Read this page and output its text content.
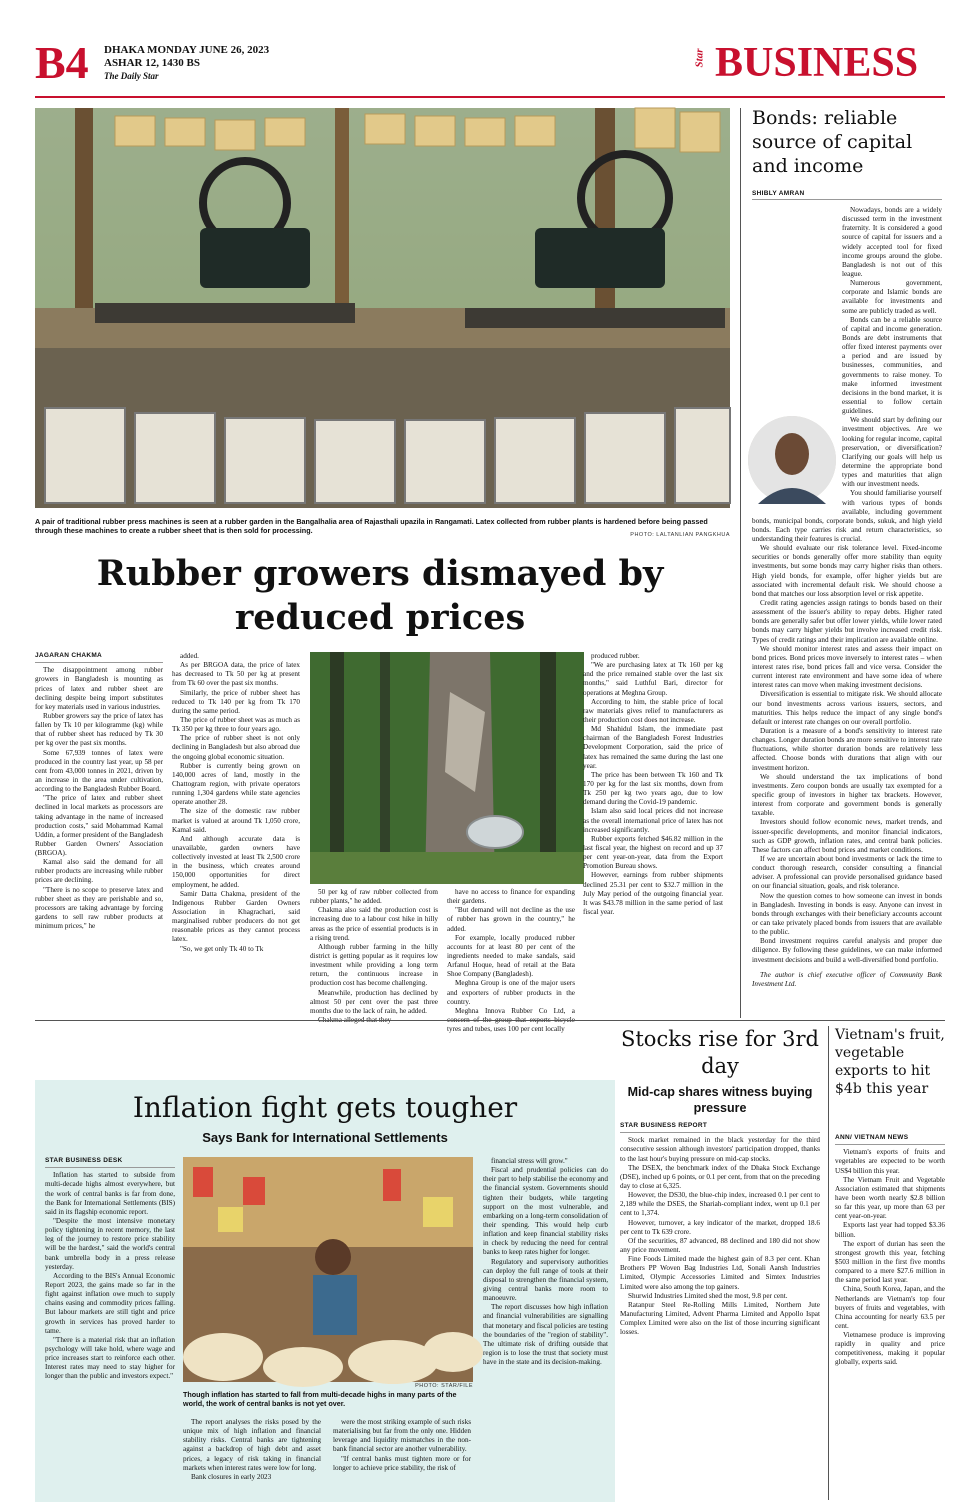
B4 DHAKA MONDAY JUNE 26, 2023
ASHAR 12, 1430 BS
The Daily Star
Star BUSINESS
A pair of traditional rubber press machines is seen at a rubber garden in the Bangalhalia area of Rajasthali upazila in Rangamati. Latex collected from rubber plants is hardened before being passed through these machines to create a rubber sheet that is then sold for processing.	PHOTO: LALTANLIAN PANGKHUA
Rubber growers dismayed by reduced prices
JAGARAN CHAKMA

The disappointment among rubber growers in Bangladesh is mounting as prices of latex and rubber sheet are declining despite being import substitutes for key materials used in various industries.

Rubber growers say the price of latex has fallen by Tk 10 per kilogramme (kg) while that of rubber sheet has reduced by Tk 30 per kg over the past six months.

Some 67,939 tonnes of latex were produced in the country last year, up 58 per cent from 43,000 tonnes in 2021, driven by an increase in the area under cultivation, according to the Bangladesh Rubber Board.

"The price of latex and rubber sheet declined in local markets as processors are taking advantage in the name of increased production costs," said Mohammad Kamal Uddin, a former president of the Bangladesh Rubber Garden Owners' Association (BRGOA).

Kamal also said the demand for all rubber products are increasing while rubber prices are declining.

"There is no scope to preserve latex and rubber sheet as they are perishable and so, processors are taking advantage by forcing gardens to sell raw rubber products at minimum prices," he

added.

As per BRGOA data, the price of latex has decreased to Tk 50 per kg at present from Tk 60 over the past six months.

Similarly, the price of rubber sheet has reduced to Tk 140 per kg from Tk 170 during the same period.

The price of rubber sheet was as much as Tk 350 per kg three to four years ago.

The price of rubber sheet is not only declining in Bangladesh but also abroad due the ongoing global economic situation.

Rubber is currently being grown on 140,000 acres of land, mostly in the Chattogram region, with private operators running 1,304 gardens while state agencies operate another 28.

The size of the domestic raw rubber market is valued at around Tk 1,050 crore, Kamal said.

And although accurate data is unavailable, garden owners have collectively invested at least Tk 2,500 crore in the business, which creates around 150,000 opportunities for direct employment, he added.

Samir Datta Chakma, president of the Indigenous Rubber Garden Owners Association in Khagrachari, said marginalised rubber producers do not get reasonable prices as they cannot process latex.

"So, we get only Tk 40 to Tk

50 per kg of raw rubber collected from rubber plants," he added.

Chakma also said the production cost is increasing due to a labour cost hike in hilly areas as the price of essential products is in a rising trend.

Although rubber farming in the hilly district is getting popular as it requires low investment while providing a long term return, the continuous increase in production cost has become challenging.

Meanwhile, production has declined by almost 50 per cent over the past three months due to the lack of rain, he added.

have no access to finance for expanding their gardens.

"But demand will not decline as the use of rubber has grown in the country," he added.

For example, locally produced rubber accounts for at least 80 per cent of the ingredients needed to make sandals, said Arfanul Hoque, head of retail at the Bata Shoe Company (Bangladesh).

Meghna Group is one of the major users and exporters of rubber products in the country.

Meghna Innova Rubber Co Ltd, a tyres and tubes, uses 100 per cent locally

produced rubber.

"We are purchasing latex at Tk 160 per kg and the price remained stable over the last six months," said Luthful Bari, director for operations at Meghna Group.

According to him, the stable price of local raw materials gives relief to manufacturers as their production cost does not increase.

Md Shahidul Islam, the immediate past chairman of the Bangladesh Forest Industries Development Corporation, said the price of latex has remained the same during the last one year.

The price has been between Tk 160 and Tk 170 per kg for the last six months, down from Tk 250 per kg two years ago, due to low demand during the Covid-19 pandemic.

Islam also said local prices did not increase as the overall international price of latex has not increased significantly.

Rubber exports fetched $46.82 million in the last fiscal year, the highest on record and up 37 per cent year-on-year, data from the Export Promotion Bureau shows.

However, earnings from rubber shipments declined 25.31 per cent to $32.7 million in the July May period of the outgoing financial year. It was $43.78 million in the same period of last fiscal year.

Bonds: reliable source of capital and income
SHIBLY AMRAN

Nowadays, bonds are a widely discussed term in the investment fraternity. It is considered a good source of capital for issuers and a widely accepted tool for fixed income groups around the globe. Bangladesh is not out of this league.

Numerous government, corporate and Islamic bonds are available for investments and some are publicly traded as well.

Bonds can be a reliable source of capital and income generation. Bonds are debt instruments that offer fixed interest payments over a period and are issued by businesses, communities, and governments to raise money. To make informed investment decisions in the bond market, it is essential to follow certain guidelines.

We should start by defining our investment objectives. Are we looking for regular income, capital preservation, or diversification? Clarifying our goals will help us determine the appropriate bond types and maturities that align with our investment needs.

You should familiarise yourself with various types of bonds available, including government bonds, municipal bonds, corporate bonds, sukuk, and high yield bonds. Each type carries risk and return characteristics, so understanding their features is crucial.

We should evaluate our risk tolerance level. Fixed-income securities or bonds generally offer more stability than equity investments, but some bonds may carry higher risks than others. High yield bonds, for example, offer higher yields but are associated with incremental default risk. We should choose a bond that matches our loss absorption level or risk appetite.

Credit rating agencies assign ratings to bonds based on their assessment of the issuer's ability to repay debts. Higher rated bonds are generally safer but offer lower yields, while lower rated bonds may carry higher yields but involve increased credit risk. Types of credit ratings and their implication are available online.

We should monitor interest rates and assess their impact on bond prices. Bond prices move inversely to interest rates – when interest rates rise, bond prices fall and vice versa. Consider the current interest rate environment and have some idea of where interest rates can move when making investment decisions.

Diversification is essential to mitigate risk. We should allocate our bond investments across various issuers, sectors, and maturities. This helps reduce the impact of any single bond's default or interest rate changes on our overall portfolio.

Duration is a measure of a bond's sensitivity to interest rate changes. Longer duration bonds are more sensitive to interest rate fluctuations, while shorter duration bonds are relatively less affected. Choose bonds with durations that align with our investment horizon.

We should understand the tax implications of bond investments. Zero coupon bonds are usually tax exempted for a specific group of investors in higher tax brackets. However, interest from corporate and government bonds is generally taxable.

Investors should follow economic news, market trends, and issuer-specific developments, and monitor financial indicators, such as GDP growth, inflation rates, and central bank policies. These factors can affect bond prices and market conditions.

If we are uncertain about bond investments or lack the time to conduct thorough research, consider consulting a financial adviser. A professional can provide personalised guidance based on our financial situation, goals, and risk tolerance.

Now the question comes to how someone can invest in bonds in Bangladesh. Investing in bonds is easy. Anyone can invest in bonds through exchanges with their beneficiary accounts account or can take privately placed bonds from issuers that are available to the public.

Bond investment requires careful analysis and proper due diligence. By following these guidelines, we can make informed investment decisions and build a well-diversified bond portfolio.

The author is chief executive officer of Community Bank Investment Ltd.

Inflation fight gets tougher
Says Bank for International Settlements
STAR BUSINESS DESK

Inflation has started to subside from multi-decade highs almost everywhere, but the work of central banks is far from done, the Bank for International Settlements (BIS) said in its flagship economic report.

"Despite the most intensive monetary policy tightening in recent memory, the last leg of the journey to restore price stability will be the hardest," said the world's central bank umbrella body in a press release yesterday.

According to the BIS's Annual Economic Report 2023, the gains made so far in the fight against inflation owe much to supply chains easing and commodity prices falling. But labour markets are still tight and price growth in services has proved harder to tame.

"There is a material risk that an inflation psychology will take hold, where wage and price increases start to reinforce each other. Interest rates may need to stay higher for longer than the public and investors expect."

PHOTO: STAR/FILE
Though inflation has started to fall from multi-decade highs in many parts of the world, the work of central banks is not yet over.

The report analyses the risks posed by the unique mix of high inflation and financial stability risks. Central banks are tightening against a backdrop of high debt and asset prices, a legacy of risk taking in financial markets when interest rates were low for long.

Bank closures in early 2023

were the most striking example of such risks materialising but far from the only one. Hidden leverage and liquidity mismatches in the non-bank financial sector are another vulnerability.

"If central banks must tighten more or for longer to achieve price stability, the risk of

financial stress will grow."

Fiscal and prudential policies can do their part to help stabilise the economy and the financial system. Governments should tighten their budgets, while targeting support on the most vulnerable, and embarking on a long-term consolidation of their spending. This would help curb inflation and keep financial stability risks in check by reducing the need for central banks to keep rates higher for longer.

Regulatory and supervisory authorities can deploy the full range of tools at their disposal to strengthen the financial system, giving central banks more room to manoeuvre.

The report discusses how high inflation and financial vulnerabilities are signalling that monetary and fiscal policies are testing the boundaries of the "region of stability". The ultimate risk of drifting outside that region is to lose the trust that society must have in the state and its decision-making.

Stocks rise for 3rd day
Mid-cap shares witness buying pressure
STAR BUSINESS REPORT

Stock market remained in the black yesterday for the third consecutive session although investors' participation dropped, thanks to the last hour's buying pressure on mid-cap stocks.

The DSEX, the benchmark index of the Dhaka Stock Exchange (DSE), inched up 6 points, or 0.1 per cent, from that on the preceding day to close at 6,325.

However, the DS30, the blue-chip index, increased 0.1 per cent to 2,189 while the DSES, the Shariah-compliant index, went up 0.1 per cent to 1,374.

However, turnover, a key indicator of the market, dropped 18.6 per cent to Tk 639 crore.

Of the securities, 87 advanced, 88 declined and 180 did not show any price movement.

Fine Foods Limited made the highest gain of 8.3 per cent. Khan Brothers PP Woven Bag Industries Ltd, Sonali Aansh Industries Limited, Olympic Accessories Limited and Simtex Industries Limited were also among the top gainers.

Shurwid Industries Limited shed the most, 9.8 per cent.

Ratanpur Steel Re-Rolling Mills Limited, Northern Jute Manufacturing Limited, Advent Pharma Limited and Appollo Ispat Complex Limited were also on the list of those incurring significant losses.

Vietnam's fruit, vegetable exports to hit $4b this year
ANN/ VIETNAM NEWS

Vietnam's exports of fruits and vegetables are expected to be worth US$4 billion this year.

The Vietnam Fruit and Vegetable Association estimated that shipments have been worth nearly $2.8 billion so far this year, up more than 63 per cent year-on-year.

Exports last year had topped $3.36 billion.

The export of durian has seen the strongest growth this year, fetching $503 million in the first five months compared to a mere $27.6 million in the same period last year.

China, South Korea, Japan, and the Netherlands are Vietnam's top four buyers of fruits and vegetables, with China accounting for nearly 63.5 per cent.

Vietnamese produce is improving rapidly in quality and price competitiveness, making it popular globally, experts said.
